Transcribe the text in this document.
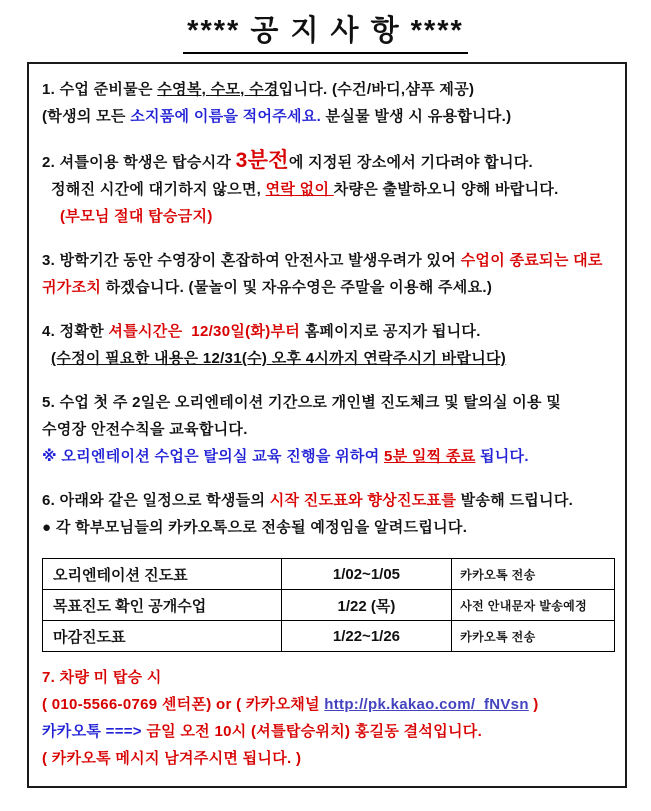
**** 공 지 사 항 ****

1. 수업 준비물은 수영복, 수모, 수경입니다. (수건/바디,샴푸 제공)

(학생의 모든 소지품에 이름을 적어주세요. 분실물 발생 시 유용합니다.)

2. 셔틀이용 학생은 탑승시각 3분전에 지정된 장소에서 기다려야 합니다.

정해진 시간에 대기하지 않으면, 연락 없이 차량은 출발하오니 양해 바랍니다.

(부모님 절대 탑승금지)

3. 방학기간 동안 수영장이 혼잡하여 안전사고 발생우려가 있어 수업이 종료되는 대로

귀가조치 하겠습니다. (물놀이 및 자유수영은 주말을 이용해 주세요.)

4. 정확한 셔틀시간은  12/30일(화)부터 홈페이지로 공지가 됩니다.

(수정이 필요한 내용은 12/31(수) 오후 4시까지 연락주시기 바랍니다)

5. 수업 첫 주 2일은 오리엔테이션 기간으로 개인별 진도체크 및 탈의실 이용 및

수영장 안전수칙을 교육합니다.

※ 오리엔테이션 수업은 탈의실 교육 진행을 위하여 5분 일찍 종료 됩니다.

6. 아래와 같은 일정으로 학생들의 시작 진도표와 향상진도표를 발송해 드립니다.

● 각 학부모님들의 카카오톡으로 전송될 예정임을 알려드립니다.

오리엔테이션 진도표	1/02~1/05	카카오톡 전송
목표진도 확인 공개수업	1/22 (목)	사전 안내문자 발송예정
마감진도표	1/22~1/26	카카오톡 전송

7. 차량 미 탑승 시

( 010-5566-0769 센터폰) or ( 카카오채널 http://pk.kakao.com/_fNVsn )

카카오톡 ===> 금일 오전 10시 (셔틀탑승위치) 홍길동 결석입니다.

( 카카오톡 메시지 남겨주시면 됩니다. )
